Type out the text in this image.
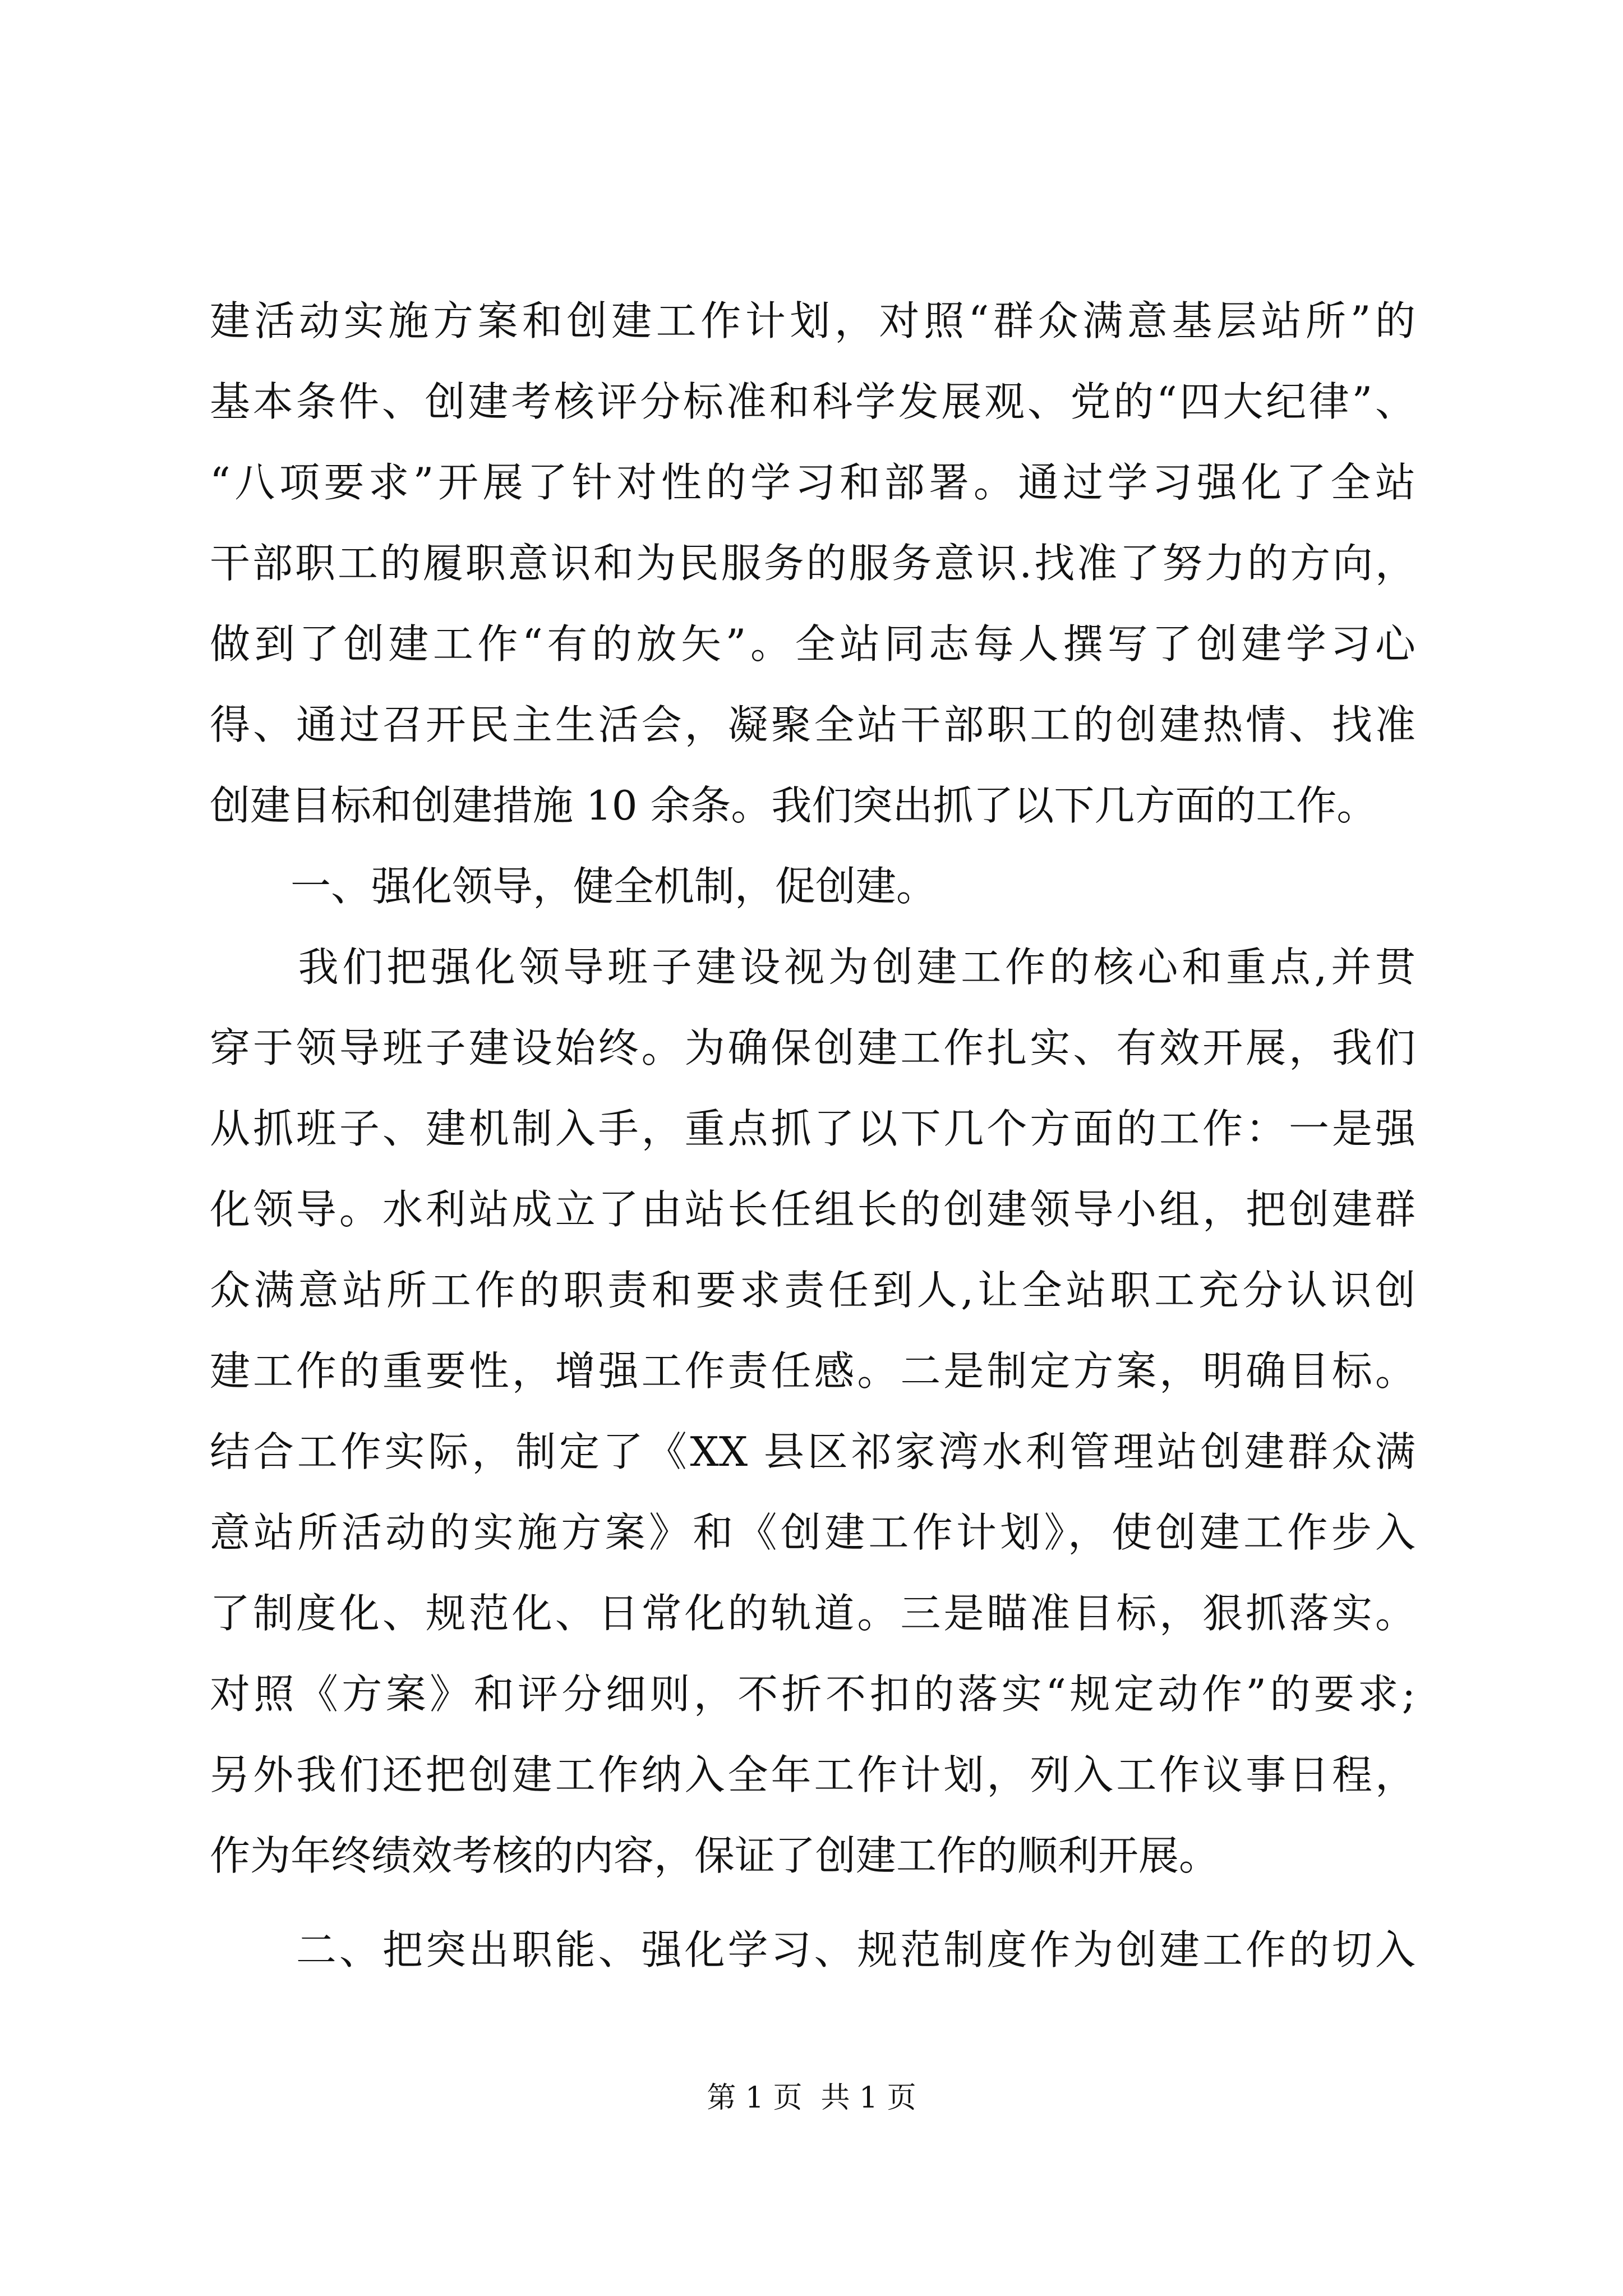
建活动实施方案和创建工作计划，对照“群众满意基层站所”的
基本条件、创建考核评分标准和科学发展观、党的“四大纪律”、
“八项要求”开展了针对性的学习和部署。通过学习强化了全站
干部职工的履职意识和为民服务的服务意识.找准了努力的方向，
做到了创建工作“有的放矢”。全站同志每人撰写了创建学习心
得、通过召开民主生活会，凝聚全站干部职工的创建热情、找准
创建目标和创建措施 10 余条。我们突出抓了以下几方面的工作。
　　一、强化领导，健全机制，促创建。
　　我们把强化领导班子建设视为创建工作的核心和重点,并贯
穿于领导班子建设始终。为确保创建工作扎实、有效开展，我们
从抓班子、建机制入手，重点抓了以下几个方面的工作：一是强
化领导。水利站成立了由站长任组长的创建领导小组，把创建群
众满意站所工作的职责和要求责任到人,让全站职工充分认识创
建工作的重要性，增强工作责任感。二是制定方案，明确目标。
结合工作实际，制定了《XX 县区祁家湾水利管理站创建群众满
意站所活动的实施方案》和《创建工作计划》，使创建工作步入
了制度化、规范化、日常化的轨道。三是瞄准目标，狠抓落实。
对照《方案》和评分细则，不折不扣的落实“规定动作”的要求;
另外我们还把创建工作纳入全年工作计划，列入工作议事日程，
作为年终绩效考核的内容，保证了创建工作的顺利开展。
　　二、把突出职能、强化学习、规范制度作为创建工作的切入
第 1 页  共 1 页
